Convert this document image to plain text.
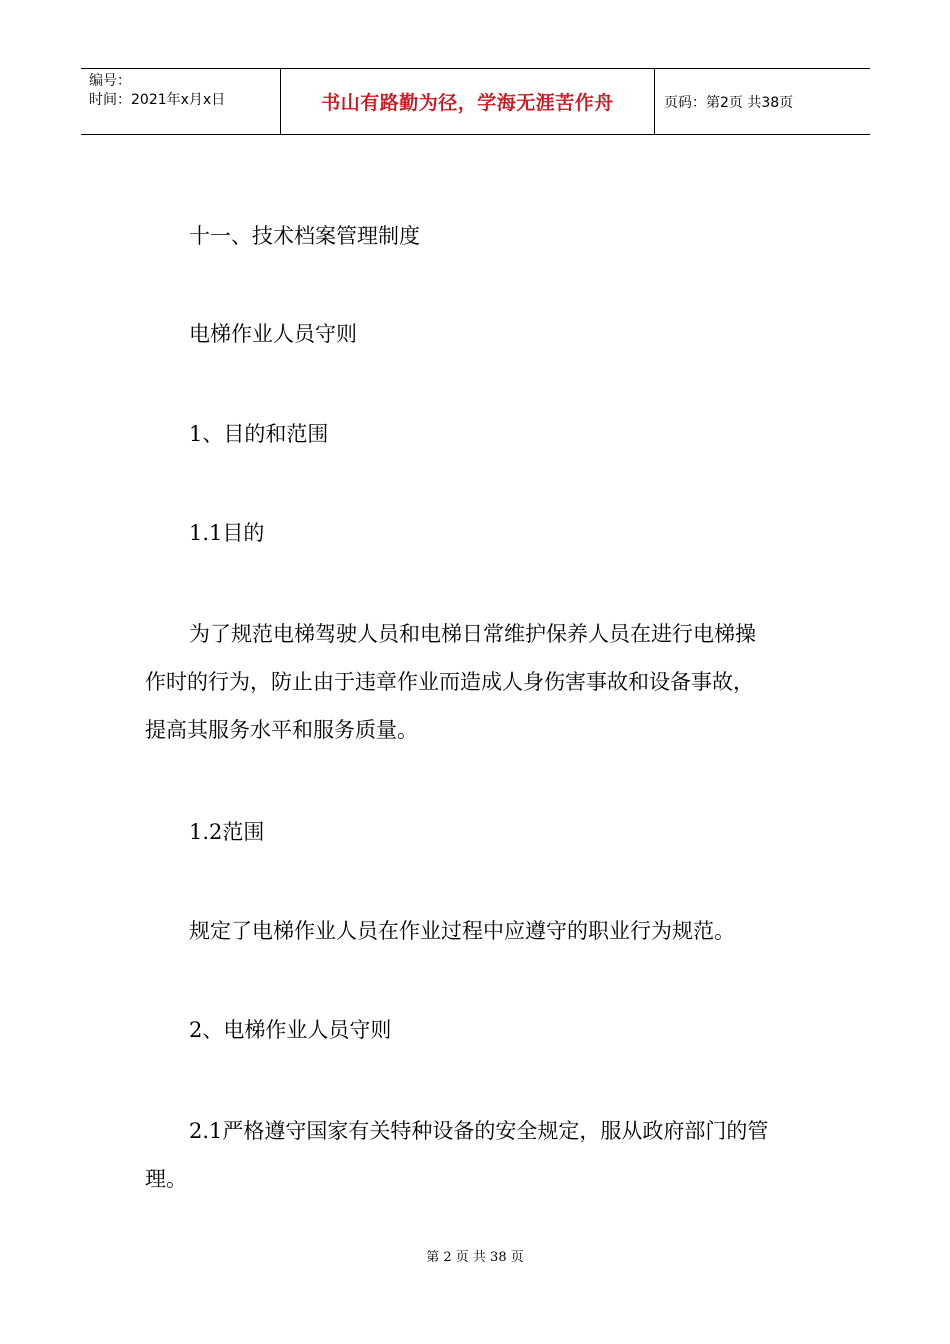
编号：
时间：2021年x月x日	书山有路勤为径，学海无涯苦作舟	页码：第2页 共38页

十一、技术档案管理制度

电梯作业人员守则

1、目的和范围

1.1目的

为了规范电梯驾驶人员和电梯日常维护保养人员在进行电梯操
作时的行为，防止由于违章作业而造成人身伤害事故和设备事故，
提高其服务水平和服务质量。

1.2范围

规定了电梯作业人员在作业过程中应遵守的职业行为规范。

2、电梯作业人员守则

2.1严格遵守国家有关特种设备的安全规定，服从政府部门的管
理。

第 2 页 共 38 页
